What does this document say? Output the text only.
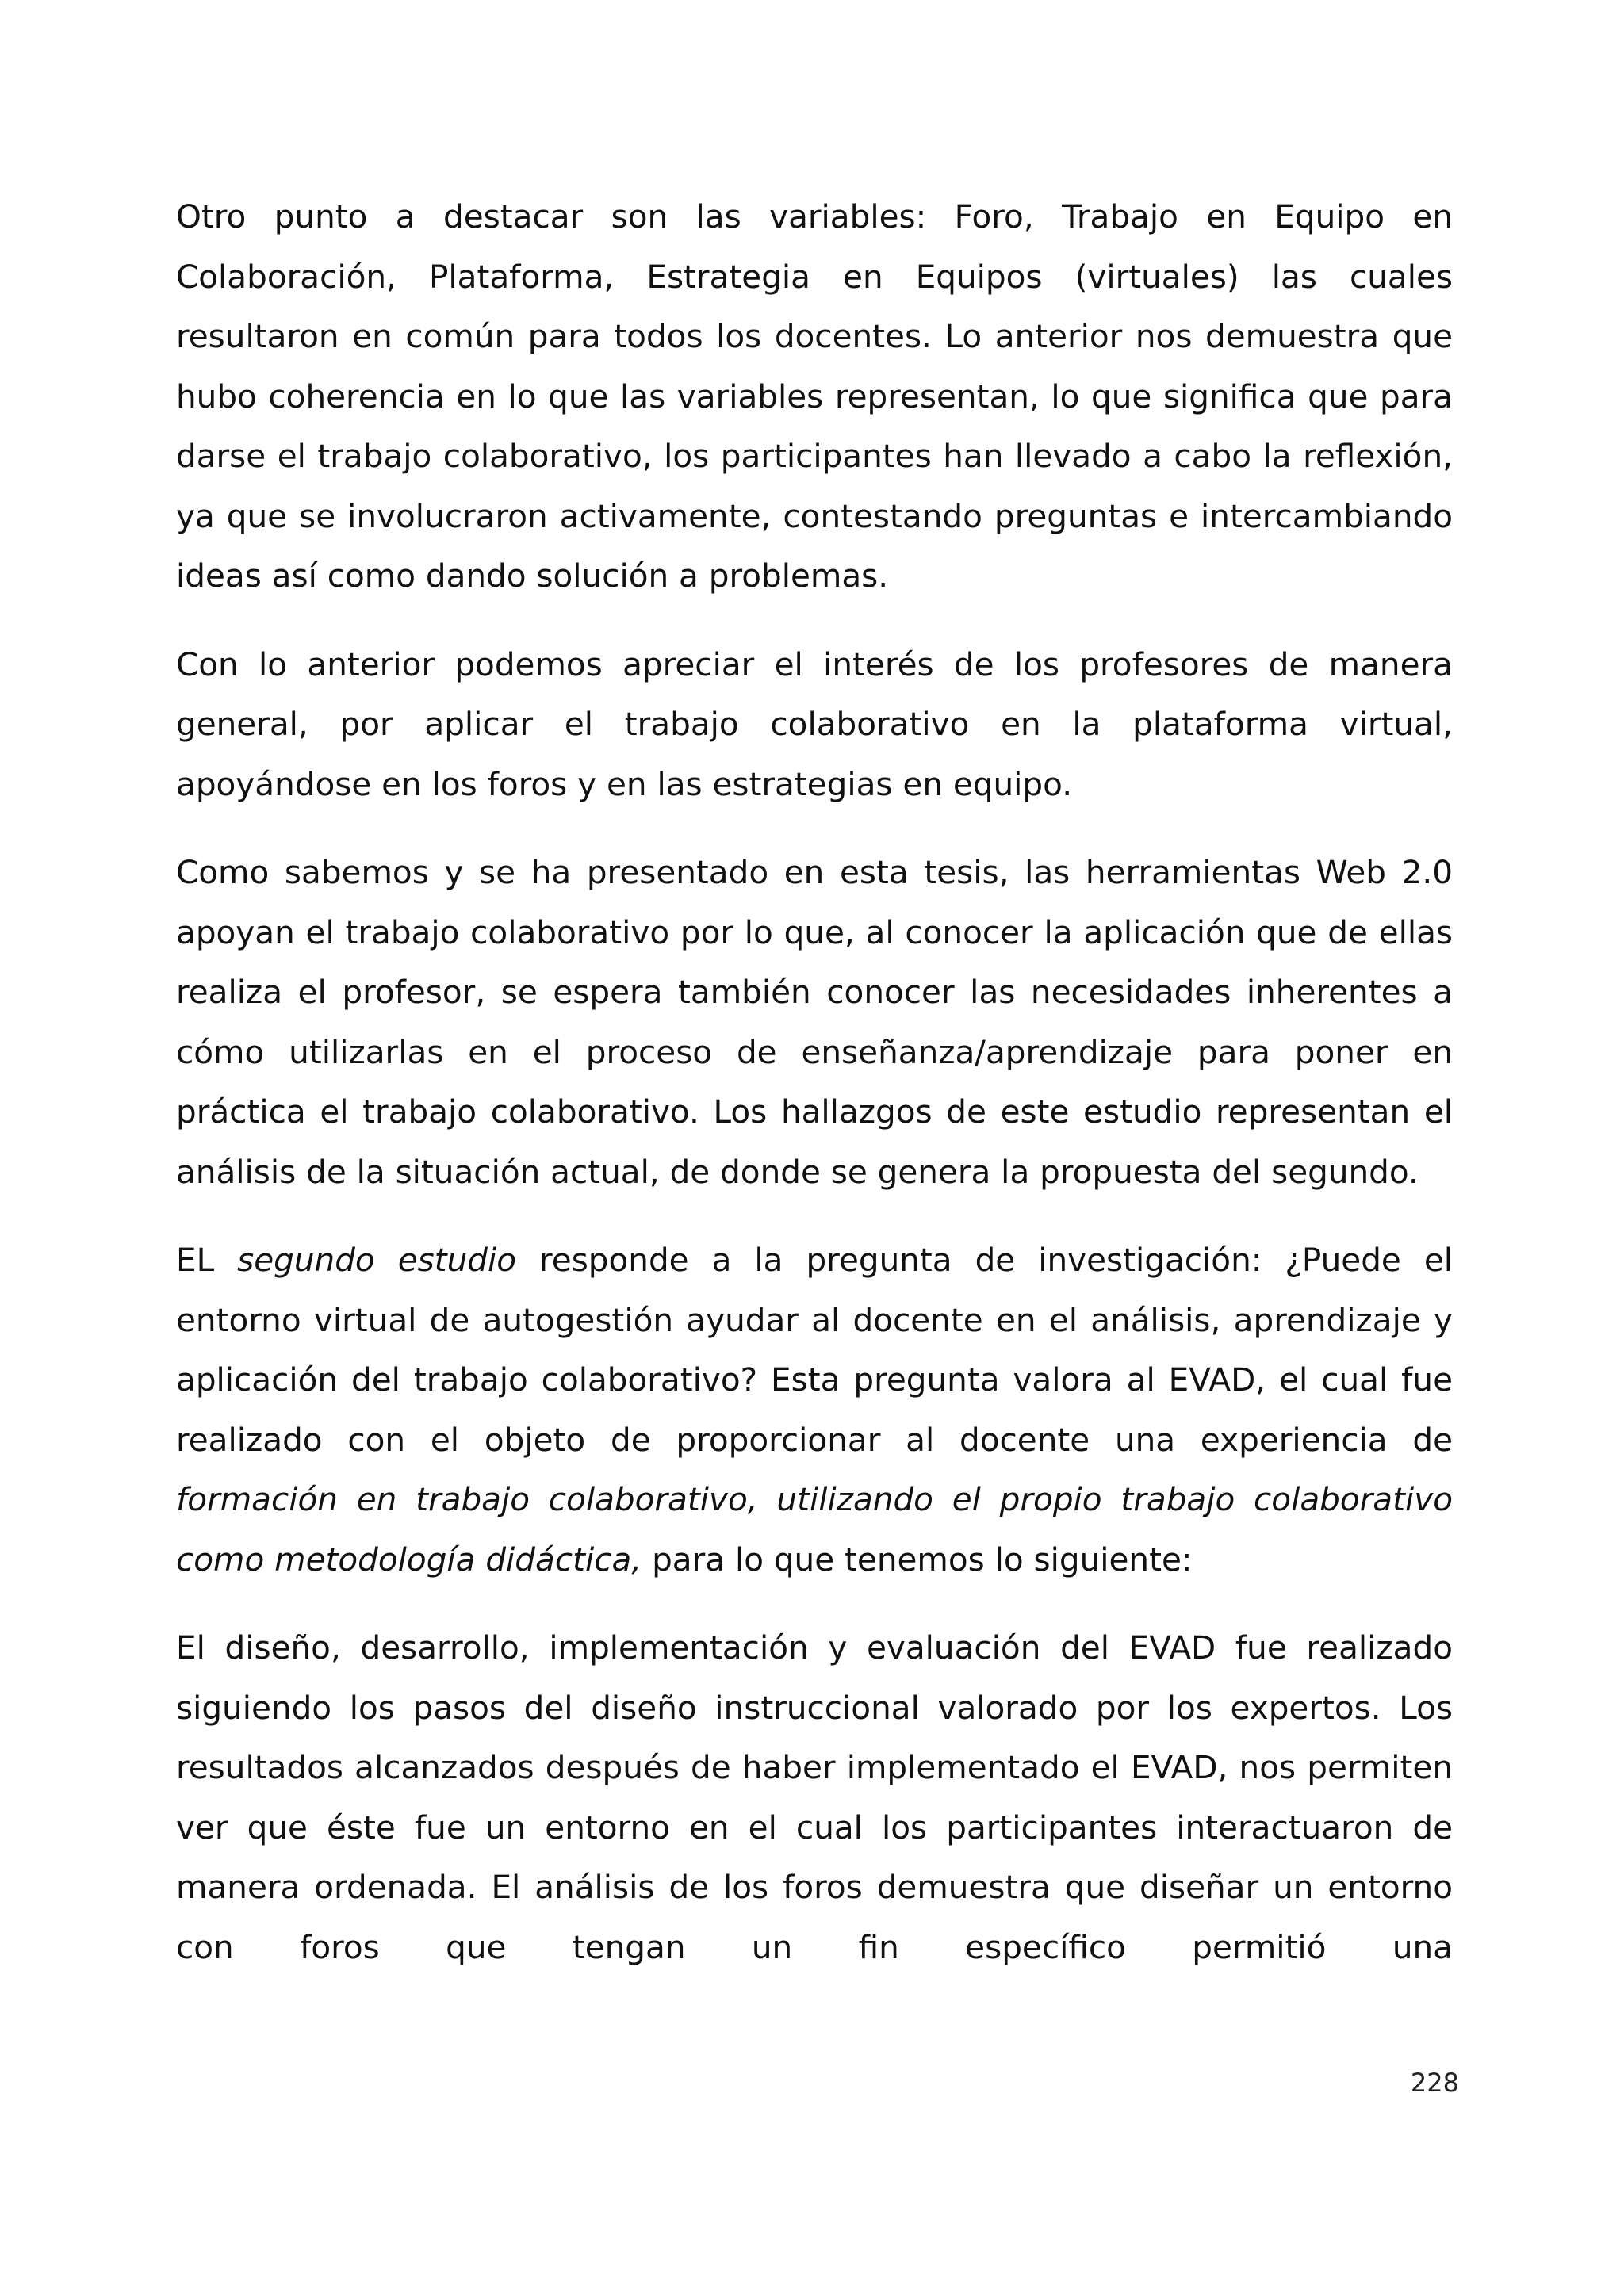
Otro punto a destacar son las variables: Foro, Trabajo en Equipo en Colaboración, Plataforma, Estrategia en Equipos (virtuales) las cuales resultaron en común para todos los docentes. Lo anterior nos demuestra que hubo coherencia en lo que las variables representan, lo que significa que para darse el trabajo colaborativo, los participantes han llevado a cabo la reflexión, ya que se involucraron activamente, contestando preguntas e intercambiando ideas así como dando solución a problemas.

Con lo anterior podemos apreciar el interés de los profesores de manera general, por aplicar el trabajo colaborativo en la plataforma virtual, apoyándose en los foros y en las estrategias en equipo.

Como sabemos y se ha presentado en esta tesis, las herramientas Web 2.0 apoyan el trabajo colaborativo por lo que, al conocer la aplicación que de ellas realiza el profesor, se espera también conocer las necesidades inherentes a cómo utilizarlas en el proceso de enseñanza/aprendizaje para poner en práctica el trabajo colaborativo. Los hallazgos de este estudio representan el análisis de la situación actual, de donde se genera la propuesta del segundo.

EL segundo estudio responde a la pregunta de investigación: ¿Puede el entorno virtual de autogestión ayudar al docente en el análisis, aprendizaje y aplicación del trabajo colaborativo? Esta pregunta valora al EVAD, el cual fue realizado con el objeto de proporcionar al docente una experiencia de formación en trabajo colaborativo, utilizando el propio trabajo colaborativo como metodología didáctica, para lo que tenemos lo siguiente:

El diseño, desarrollo, implementación y evaluación del EVAD fue realizado siguiendo los pasos del diseño instruccional valorado por los expertos. Los resultados alcanzados después de haber implementado el EVAD, nos permiten ver que éste fue un entorno en el cual los participantes interactuaron de manera ordenada. El análisis de los foros demuestra que diseñar un entorno con foros que tengan un fin específico permitió una

228
